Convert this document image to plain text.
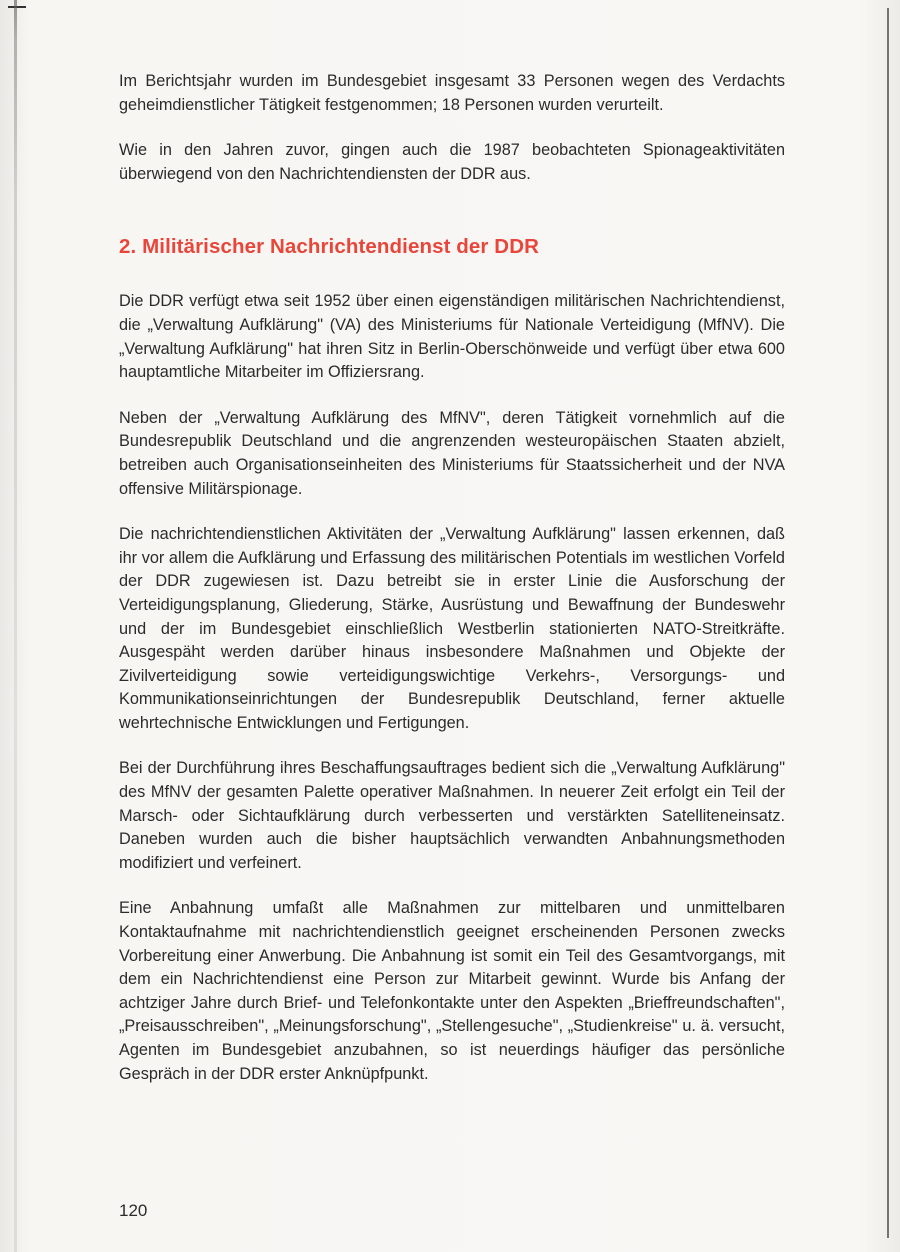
Im Berichtsjahr wurden im Bundesgebiet insgesamt 33 Personen wegen des Verdachts geheimdienstlicher Tätigkeit festgenommen; 18 Personen wurden verurteilt.

Wie in den Jahren zuvor, gingen auch die 1987 beobachteten Spionageaktivitäten überwiegend von den Nachrichtendiensten der DDR aus.

2. Militärischer Nachrichtendienst der DDR

Die DDR verfügt etwa seit 1952 über einen eigenständigen militärischen Nachrichtendienst, die „Verwaltung Aufklärung" (VA) des Ministeriums für Nationale Verteidigung (MfNV). Die „Verwaltung Aufklärung" hat ihren Sitz in Berlin-Oberschönweide und verfügt über etwa 600 hauptamtliche Mitarbeiter im Offiziersrang.

Neben der „Verwaltung Aufklärung des MfNV", deren Tätigkeit vornehmlich auf die Bundesrepublik Deutschland und die angrenzenden westeuropäischen Staaten abzielt, betreiben auch Organisationseinheiten des Ministeriums für Staatssicherheit und der NVA offensive Militärspionage.

Die nachrichtendienstlichen Aktivitäten der „Verwaltung Aufklärung" lassen erkennen, daß ihr vor allem die Aufklärung und Erfassung des militärischen Potentials im westlichen Vorfeld der DDR zugewiesen ist. Dazu betreibt sie in erster Linie die Ausforschung der Verteidigungsplanung, Gliederung, Stärke, Ausrüstung und Bewaffnung der Bundeswehr und der im Bundesgebiet einschließlich Westberlin stationierten NATO-Streitkräfte. Ausgespäht werden darüber hinaus insbesondere Maßnahmen und Objekte der Zivilverteidigung sowie verteidigungswichtige Verkehrs-, Versorgungs- und Kommunikationseinrichtungen der Bundesrepublik Deutschland, ferner aktuelle wehrtechnische Entwicklungen und Fertigungen.

Bei der Durchführung ihres Beschaffungsauftrages bedient sich die „Verwaltung Aufklärung" des MfNV der gesamten Palette operativer Maßnahmen. In neuerer Zeit erfolgt ein Teil der Marsch- oder Sichtaufklärung durch verbesserten und verstärkten Satelliteneinsatz. Daneben wurden auch die bisher hauptsächlich verwandten Anbahnungsmethoden modifiziert und verfeinert.

Eine Anbahnung umfaßt alle Maßnahmen zur mittelbaren und unmittelbaren Kontaktaufnahme mit nachrichtendienstlich geeignet erscheinenden Personen zwecks Vorbereitung einer Anwerbung. Die Anbahnung ist somit ein Teil des Gesamtvorgangs, mit dem ein Nachrichtendienst eine Person zur Mitarbeit gewinnt. Wurde bis Anfang der achtziger Jahre durch Brief- und Telefonkontakte unter den Aspekten „Brieffreundschaften", „Preisausschreiben", „Meinungsforschung", „Stellengesuche", „Studienkreise" u. ä. versucht, Agenten im Bundesgebiet anzubahnen, so ist neuerdings häufiger das persönliche Gespräch in der DDR erster Anknüpfpunkt.

120
